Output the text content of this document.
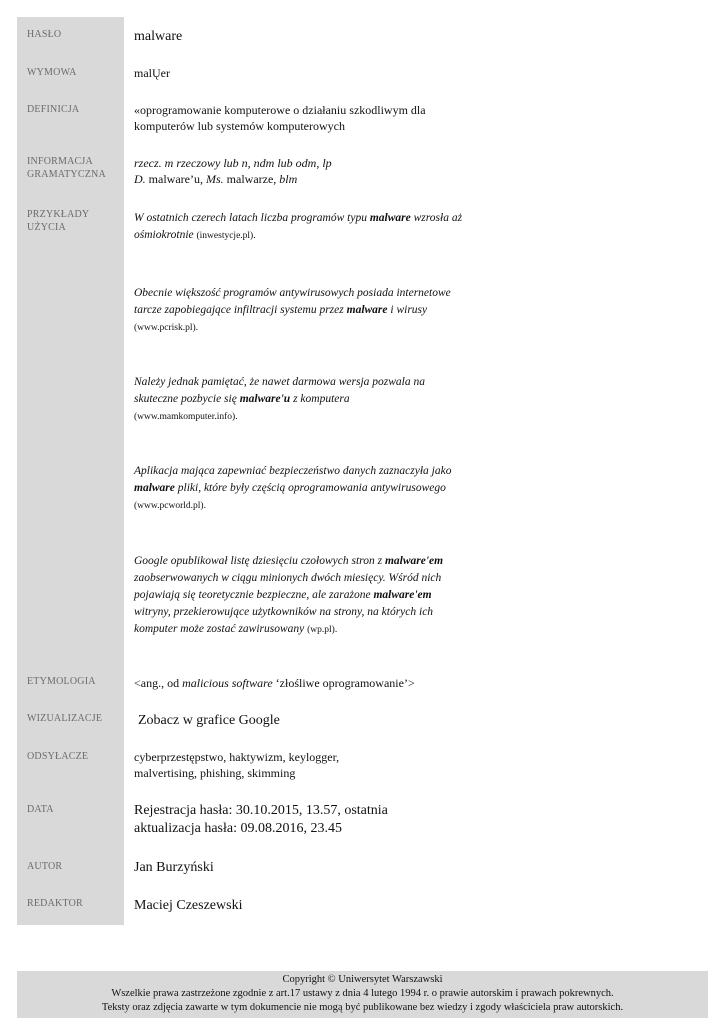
HASŁO
WYMOWA
DEFINICJA
INFORMACJA
GRAMATYCZNA
PRZYKŁADY
UŻYCIA
ETYMOLOGIA
WIZUALIZACJE
ODSYŁACZE
DATA
AUTOR
REDAKTOR
malware
malŲer
«oprogramowanie komputerowe o działaniu szkodliwym dla komputerów lub systemów komputerowych
rzecz. m rzeczowy lub n, ndm lub odm, lp
D. malware’u, Ms. malwarze, blm
W ostatnich czerech latach liczba programów typu malware wzrosła aż ośmiokrotnie (inwestycje.pl).
Obecnie większość programów antywirusowych posiada internetowe tarcze zapobiegające infiltracji systemu przez malware i wirusy (www.pcrisk.pl).
Należy jednak pamiętać, że nawet darmowa wersja pozwala na skuteczne pozbycie się malware'u z komputera (www.mamkomputer.info).
Aplikacja mająca zapewniać bezpieczeństwo danych zaznaczyła jako malware pliki, które były częścią oprogramowania antywirusowego (www.pcworld.pl).
Google opublikował listę dziesięciu czołowych stron z malware'em zaobserwowanych w ciągu minionych dwóch miesięcy. Wśród nich pojawiają się teoretycznie bezpieczne, ale zarażone malware'em witryny, przekierowujące użytkowników na strony, na których ich komputer może zostać zawirusowany (wp.pl).
<ang., od malicious software ‘złośliwe oprogramowanie’>
Zobacz w grafice Google
cyberprzestępstwo, haktywizm, keylogger, malvertising, phishing, skimming
Rejestracja hasła: 30.10.2015, 13.57, ostatnia
aktualizacja hasła: 09.08.2016, 23.45
Jan Burzyński
Maciej Czeszewski
Copyright © Uniwersytet Warszawski
Wszelkie prawa zastrzeżone zgodnie z art.17 ustawy z dnia 4 lutego 1994 r. o prawie autorskim i prawach pokrewnych.
Teksty oraz zdjęcia zawarte w tym dokumencie nie mogą być publikowane bez wiedzy i zgody właściciela praw autorskich.
